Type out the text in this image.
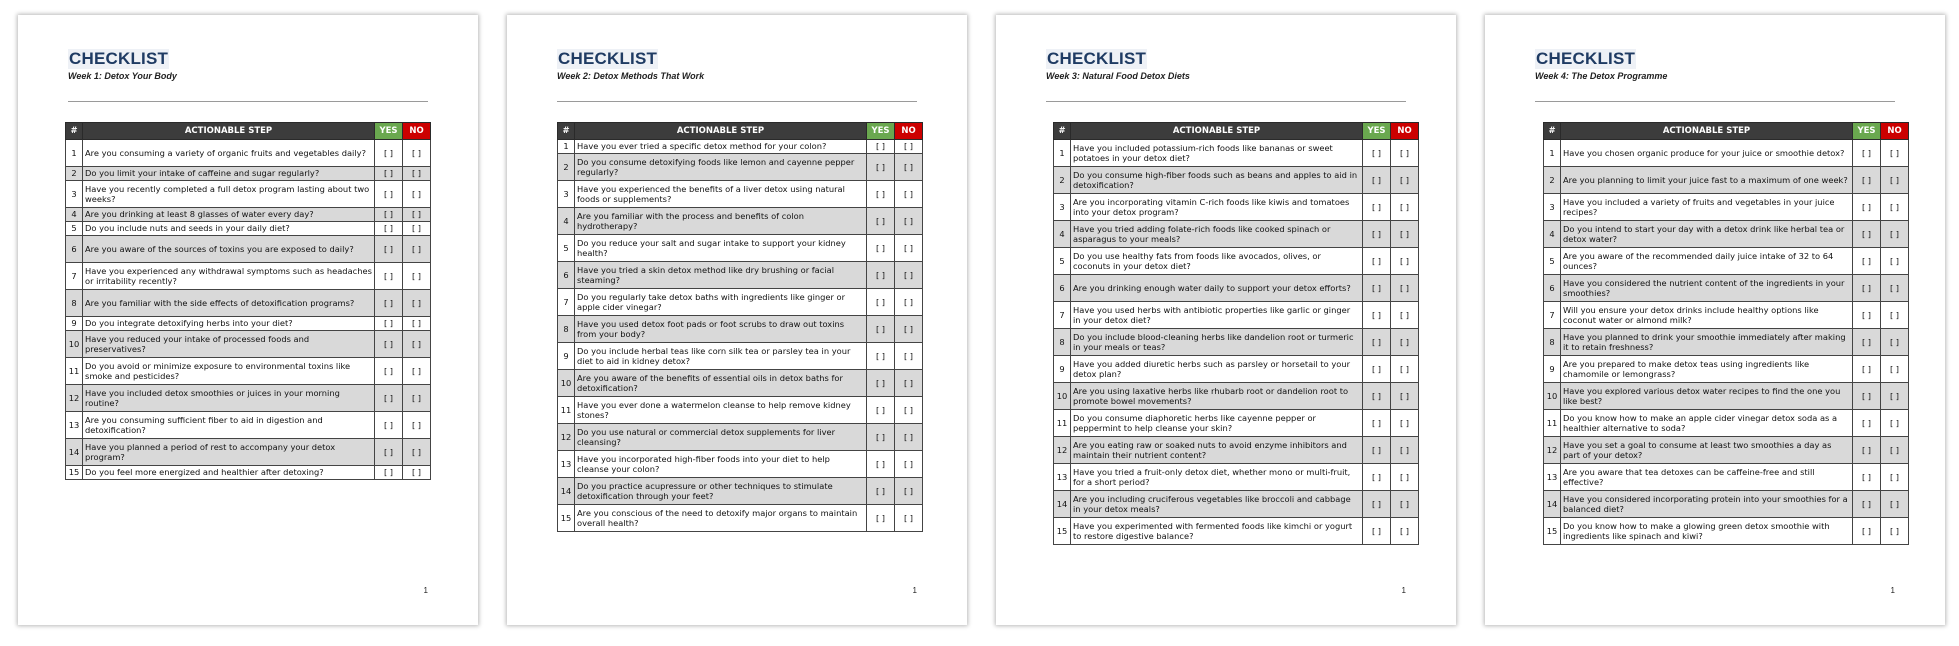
CHECKLIST
Week 1: Detox Your Body
#	ACTIONABLE STEP	YES	NO
1	Are you consuming a variety of organic fruits and vegetables daily?	[ ]	[ ]
2	Do you limit your intake of caffeine and sugar regularly?	[ ]	[ ]
3	Have you recently completed a full detox program lasting about two weeks?	[ ]	[ ]
4	Are you drinking at least 8 glasses of water every day?	[ ]	[ ]
5	Do you include nuts and seeds in your daily diet?	[ ]	[ ]
6	Are you aware of the sources of toxins you are exposed to daily?	[ ]	[ ]
7	Have you experienced any withdrawal symptoms such as headaches or irritability recently?	[ ]	[ ]
8	Are you familiar with the side effects of detoxification programs?	[ ]	[ ]
9	Do you integrate detoxifying herbs into your diet?	[ ]	[ ]
10	Have you reduced your intake of processed foods and preservatives?	[ ]	[ ]
11	Do you avoid or minimize exposure to environmental toxins like smoke and pesticides?	[ ]	[ ]
12	Have you included detox smoothies or juices in your morning routine?	[ ]	[ ]
13	Are you consuming sufficient fiber to aid in digestion and detoxification?	[ ]	[ ]
14	Have you planned a period of rest to accompany your detox program?	[ ]	[ ]
15	Do you feel more energized and healthier after detoxing?	[ ]	[ ]
1
CHECKLIST
Week 2: Detox Methods That Work
#	ACTIONABLE STEP	YES	NO
1	Have you ever tried a specific detox method for your colon?	[ ]	[ ]
2	Do you consume detoxifying foods like lemon and cayenne pepper regularly?	[ ]	[ ]
3	Have you experienced the benefits of a liver detox using natural foods or supplements?	[ ]	[ ]
4	Are you familiar with the process and benefits of colon hydrotherapy?	[ ]	[ ]
5	Do you reduce your salt and sugar intake to support your kidney health?	[ ]	[ ]
6	Have you tried a skin detox method like dry brushing or facial steaming?	[ ]	[ ]
7	Do you regularly take detox baths with ingredients like ginger or apple cider vinegar?	[ ]	[ ]
8	Have you used detox foot pads or foot scrubs to draw out toxins from your body?	[ ]	[ ]
9	Do you include herbal teas like corn silk tea or parsley tea in your diet to aid in kidney detox?	[ ]	[ ]
10	Are you aware of the benefits of essential oils in detox baths for detoxification?	[ ]	[ ]
11	Have you ever done a watermelon cleanse to help remove kidney stones?	[ ]	[ ]
12	Do you use natural or commercial detox supplements for liver cleansing?	[ ]	[ ]
13	Have you incorporated high-fiber foods into your diet to help cleanse your colon?	[ ]	[ ]
14	Do you practice acupressure or other techniques to stimulate detoxification through your feet?	[ ]	[ ]
15	Are you conscious of the need to detoxify major organs to maintain overall health?	[ ]	[ ]
1
CHECKLIST
Week 3: Natural Food Detox Diets
#	ACTIONABLE STEP	YES	NO
1	Have you included potassium-rich foods like bananas or sweet potatoes in your detox diet?	[ ]	[ ]
2	Do you consume high-fiber foods such as beans and apples to aid in detoxification?	[ ]	[ ]
3	Are you incorporating vitamin C-rich foods like kiwis and tomatoes into your detox program?	[ ]	[ ]
4	Have you tried adding folate-rich foods like cooked spinach or asparagus to your meals?	[ ]	[ ]
5	Do you use healthy fats from foods like avocados, olives, or coconuts in your detox diet?	[ ]	[ ]
6	Are you drinking enough water daily to support your detox efforts?	[ ]	[ ]
7	Have you used herbs with antibiotic properties like garlic or ginger in your detox diet?	[ ]	[ ]
8	Do you include blood-cleaning herbs like dandelion root or turmeric in your meals or teas?	[ ]	[ ]
9	Have you added diuretic herbs such as parsley or horsetail to your detox plan?	[ ]	[ ]
10	Are you using laxative herbs like rhubarb root or dandelion root to promote bowel movements?	[ ]	[ ]
11	Do you consume diaphoretic herbs like cayenne pepper or peppermint to help cleanse your skin?	[ ]	[ ]
12	Are you eating raw or soaked nuts to avoid enzyme inhibitors and maintain their nutrient content?	[ ]	[ ]
13	Have you tried a fruit-only detox diet, whether mono or multi-fruit, for a short period?	[ ]	[ ]
14	Are you including cruciferous vegetables like broccoli and cabbage in your detox meals?	[ ]	[ ]
15	Have you experimented with fermented foods like kimchi or yogurt to restore digestive balance?	[ ]	[ ]
1
CHECKLIST
Week 4: The Detox Programme
#	ACTIONABLE STEP	YES	NO
1	Have you chosen organic produce for your juice or smoothie detox?	[ ]	[ ]
2	Are you planning to limit your juice fast to a maximum of one week?	[ ]	[ ]
3	Have you included a variety of fruits and vegetables in your juice recipes?	[ ]	[ ]
4	Do you intend to start your day with a detox drink like herbal tea or detox water?	[ ]	[ ]
5	Are you aware of the recommended daily juice intake of 32 to 64 ounces?	[ ]	[ ]
6	Have you considered the nutrient content of the ingredients in your smoothies?	[ ]	[ ]
7	Will you ensure your detox drinks include healthy options like coconut water or almond milk?	[ ]	[ ]
8	Have you planned to drink your smoothie immediately after making it to retain freshness?	[ ]	[ ]
9	Are you prepared to make detox teas using ingredients like chamomile or lemongrass?	[ ]	[ ]
10	Have you explored various detox water recipes to find the one you like best?	[ ]	[ ]
11	Do you know how to make an apple cider vinegar detox soda as a healthier alternative to soda?	[ ]	[ ]
12	Have you set a goal to consume at least two smoothies a day as part of your detox?	[ ]	[ ]
13	Are you aware that tea detoxes can be caffeine-free and still effective?	[ ]	[ ]
14	Have you considered incorporating protein into your smoothies for a balanced diet?	[ ]	[ ]
15	Do you know how to make a glowing green detox smoothie with ingredients like spinach and kiwi?	[ ]	[ ]
1
